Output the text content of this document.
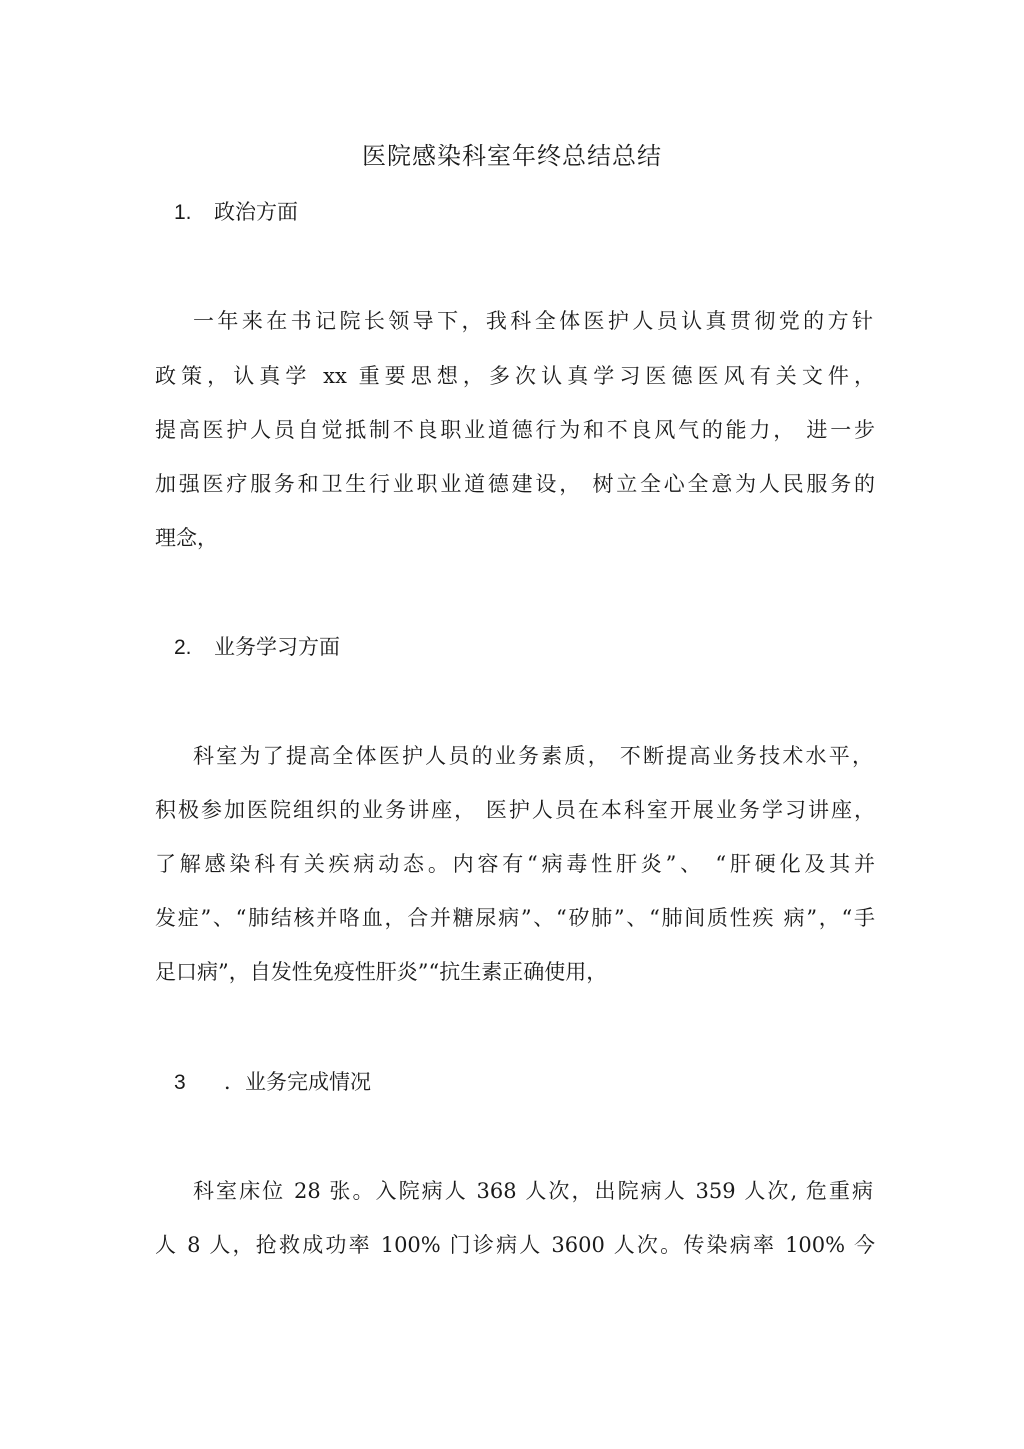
医院感染科室年终总结总结
1. 政治方面
一年来在书记院长领导下，我科全体医护人员认真贯彻党的方针
政策，认真学 xx 重要思想，多次认真学习医德医风有关文件，
提高医护人员自觉抵制不良职业道德行为和不良风气的能力， 进一步
加强医疗服务和卫生行业职业道德建设， 树立全心全意为人民服务的
理念，
2. 业务学习方面
科室为了提高全体医护人员的业务素质， 不断提高业务技术水平，
积极参加医院组织的业务讲座， 医护人员在本科室开展业务学习讲座，
了解感染科有关疾病动态。内容有“病毒性肝炎”、 “肝硬化及其并
发症”、“肺结核并咯血，合并糖尿病”、“矽肺”、“肺间质性疾 病”，“手
足口病”，自发性免疫性肝炎”“抗生素正确使用，
3 ．业务完成情况
科室床位 28 张。入院病人 368 人次，出院病人 359 人次, 危重病
人 8 人，抢救成功率 100% 门诊病人 3600 人次。传染病率 100% 今
